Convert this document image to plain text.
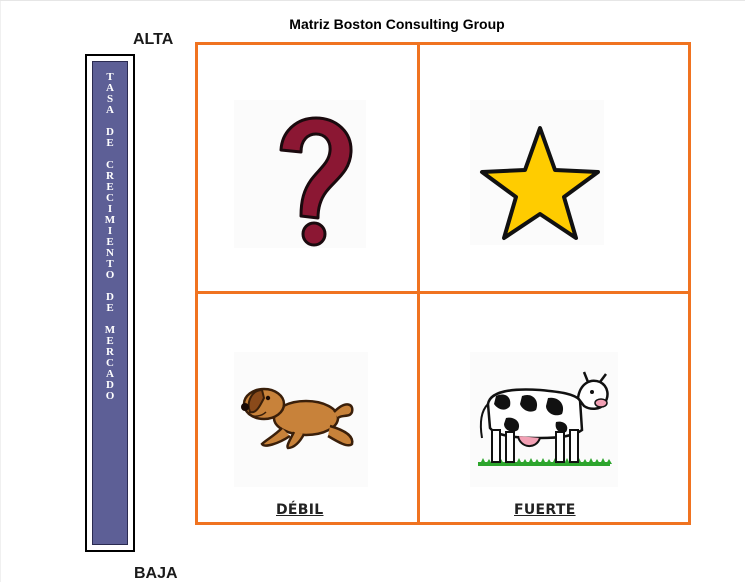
Matriz Boston Consulting Group
ALTA
BAJA
T
A
S
A

D
E

C
R
E
C
I
M
I
E
N
T
O

D
E

M
E
R
C
A
D
O
DÉBIL	FUERTE
